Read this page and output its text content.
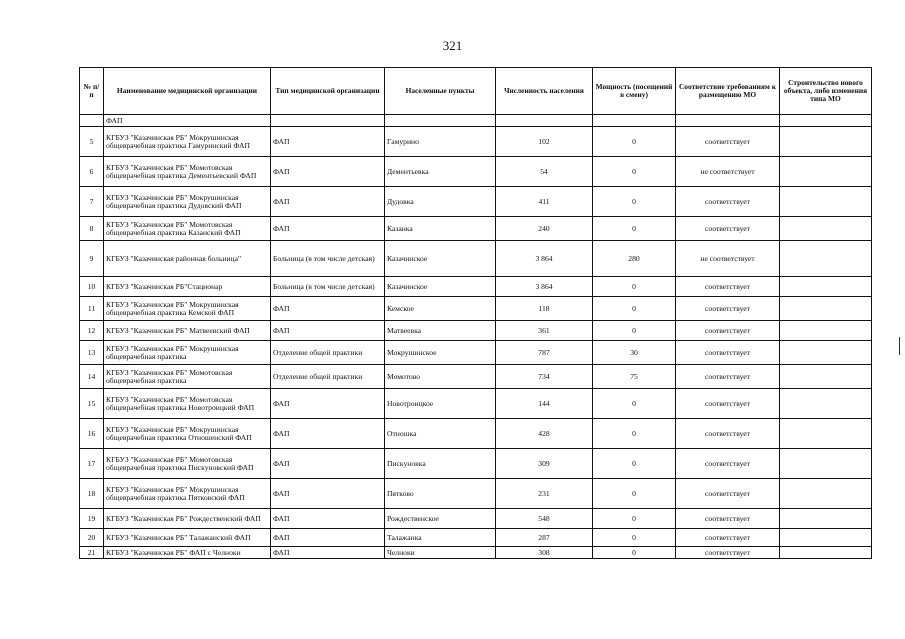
321
№ п/п	Наименование медицинской организации	Тип медицинской организации	Населенные пункты	Численность населения	Мощность (посещений в смену)	Соответствие требованиям к размещению МО	Строительство нового объекта, либо изменения типа МО
	ФАП						
5	КГБУЗ "Казачинская РБ" Мокрушинская общеврачебная практика Гамуринский ФАП	ФАП	Гамурино	102	0	соответствует	
6	КГБУЗ "Казачинская РБ" Момотовская общеврачебная практика Дементьевский ФАП	ФАП	Дементьевка	54	0	не соответствует	
7	КГБУЗ "Казачинская РБ" Мокрушинская общеврачебная практика Дудовский ФАП	ФАП	Дудовка	411	0	соответствует	
8	КГБУЗ "Казачинская РБ" Момотовская общеврачебная практика Казанский ФАП	ФАП	Казанка	240	0	соответствует	
9	КГБУЗ "Казачинская районная больница"	Больница (в том числе детская)	Казачинское	3 864	280	не соответствует	
10	КГБУЗ "Казачинская РБ"Стационар	Больница (в том числе детская)	Казачинское	3 864	0	соответствует	
11	КГБУЗ "Казачинская РБ" Мокрушинская общеврачебная практика Кемской ФАП	ФАП	Кемское	118	0	соответствует	
12	КГБУЗ "Казачинская РБ" Матвеевский ФАП	ФАП	Матвеевка	361	0	соответствует	
13	КГБУЗ "Казачинская РБ" Мокрушинская общеврачебная практика	Отделение общей практики	Мокрушинское	787	30	соответствует	
14	КГБУЗ "Казачинская РБ" Момотовская общеврачебная практика	Отделение общей практики	Момотово	734	75	соответствует	
15	КГБУЗ "Казачинская РБ" Момотовская общеврачебная практика Новотроицкий ФАП	ФАП	Новотроицкое	144	0	соответствует	
16	КГБУЗ "Казачинская РБ" Мокрушинская общеврачебная практика Отношенский ФАП	ФАП	Отношка	428	0	соответствует	
17	КГБУЗ "Казачинская РБ" Момотовская общеврачебная практика Пискуновский ФАП	ФАП	Пискуновка	309	0	соответствует	
18	КГБУЗ "Казачинская РБ" Мокрушинская общеврачебная практика Пятковский ФАП	ФАП	Пятково	231	0	соответствует	
19	КГБУЗ "Казачинская РБ" Рождественский ФАП	ФАП	Рождественское	548	0	соответствует	
20	КГБУЗ "Казачинская РБ" Талажанский ФАП	ФАП	Талажанка	287	0	соответствует	
21	КГБУЗ "Казачинская РБ" ФАП с Челноки	ФАП	Челноки	308	0	соответствует	
